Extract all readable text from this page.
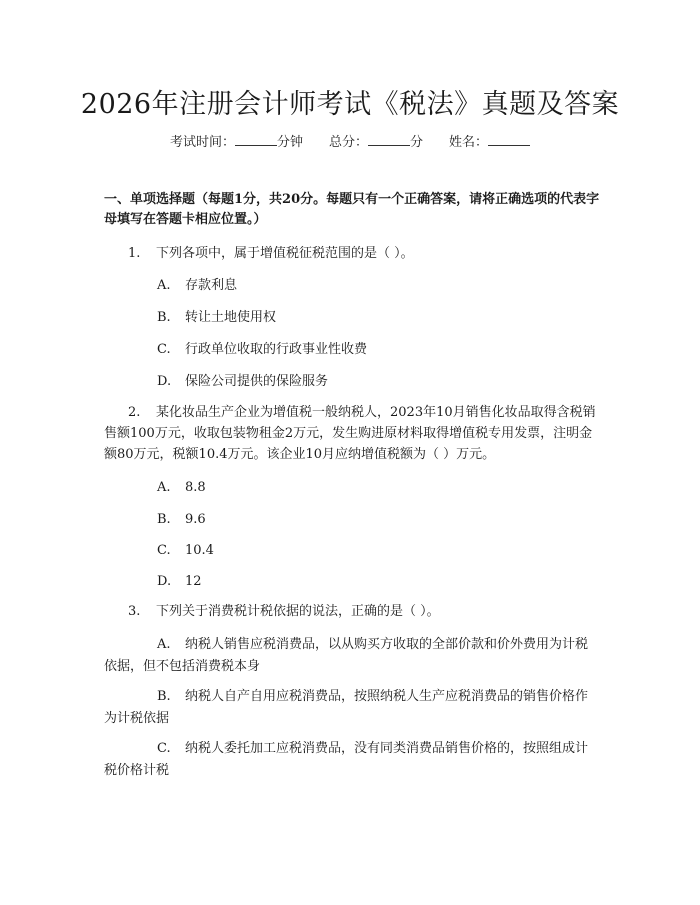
2026年注册会计师考试《税法》真题及答案
考试时间：	分钟 总分：	分 姓名：
一、单项选择题（每题1分，共20分。每题只有一个正确答案，请将正确选项的代表字母填写在答题卡相应位置。）
1. 下列各项中，属于增值税征税范围的是（ ）。
A. 存款利息
B. 转让土地使用权
C. 行政单位收取的行政事业性收费
D. 保险公司提供的保险服务
2. 某化妆品生产企业为增值税一般纳税人，2023年10月销售化妆品取得含税销售额100万元，收取包装物租金2万元，发生购进原材料取得增值税专用发票，注明金额80万元，税额10.4万元。该企业10月应纳增值税额为（ ）万元。
A. 8.8
B. 9.6
C. 10.4
D. 12
3. 下列关于消费税计税依据的说法，正确的是（ ）。
A. 纳税人销售应税消费品，以从购买方收取的全部价款和价外费用为计税依据，但不包括消费税本身
B. 纳税人自产自用应税消费品，按照纳税人生产应税消费品的销售价格作为计税依据
C. 纳税人委托加工应税消费品，没有同类消费品销售价格的，按照组成计税价格计税
